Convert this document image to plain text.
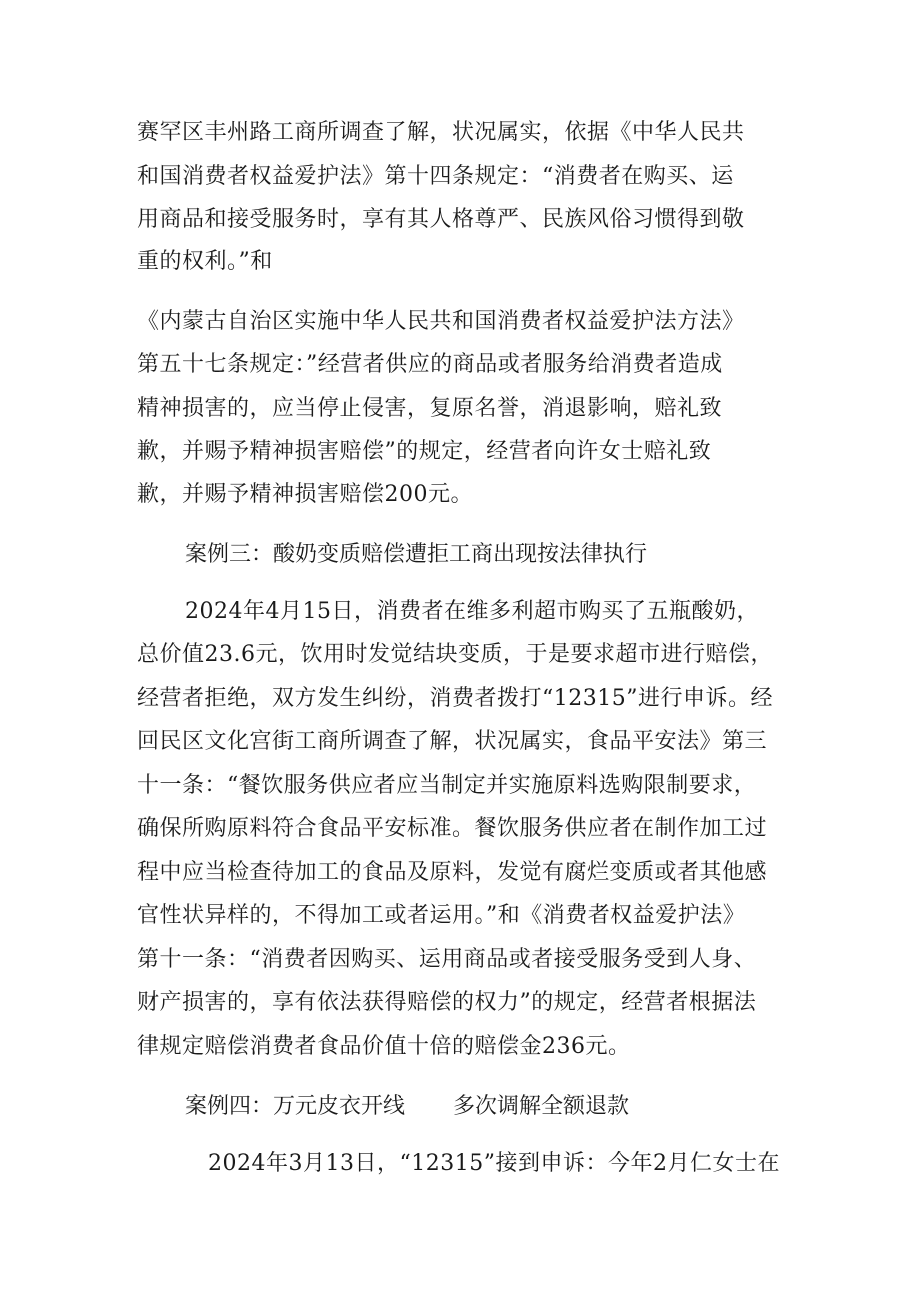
赛罕区丰州路工商所调查了解，状况属实，依据《中华人民共
和国消费者权益爱护法》第十四条规定：“消费者在购买、运
用商品和接受服务时，享有其人格尊严、民族风俗习惯得到敬
重的权利。”和
《内蒙古自治区实施中华人民共和国消费者权益爱护法方法》
第五十七条规定：”经营者供应的商品或者服务给消费者造成
精神损害的，应当停止侵害，复原名誉，消退影响，赔礼致
歉，并赐予精神损害赔偿”的规定，经营者向许女士赔礼致
歉，并赐予精神损害赔偿200元。
案例三：酸奶变质赔偿遭拒工商出现按法律执行
2024年4月15日，消费者在维多利超市购买了五瓶酸奶，
总价值23.6元，饮用时发觉结块变质，于是要求超市进行赔偿，
经营者拒绝，双方发生纠纷，消费者拨打“12315”进行申诉。经
回民区文化宫街工商所调查了解，状况属实，食品平安法》第三
十一条：“餐饮服务供应者应当制定并实施原料选购限制要求，
确保所购原料符合食品平安标准。餐饮服务供应者在制作加工过
程中应当检查待加工的食品及原料，发觉有腐烂变质或者其他感
官性状异样的，不得加工或者运用。”和《消费者权益爱护法》
第十一条：“消费者因购买、运用商品或者接受服务受到人身、
财产损害的，享有依法获得赔偿的权力”的规定，经营者根据法
律规定赔偿消费者食品价值十倍的赔偿金236元。
案例四：万元皮衣开线 多次调解全额退款
2024年3月13日，“12315”接到申诉：今年2月仁女士在
